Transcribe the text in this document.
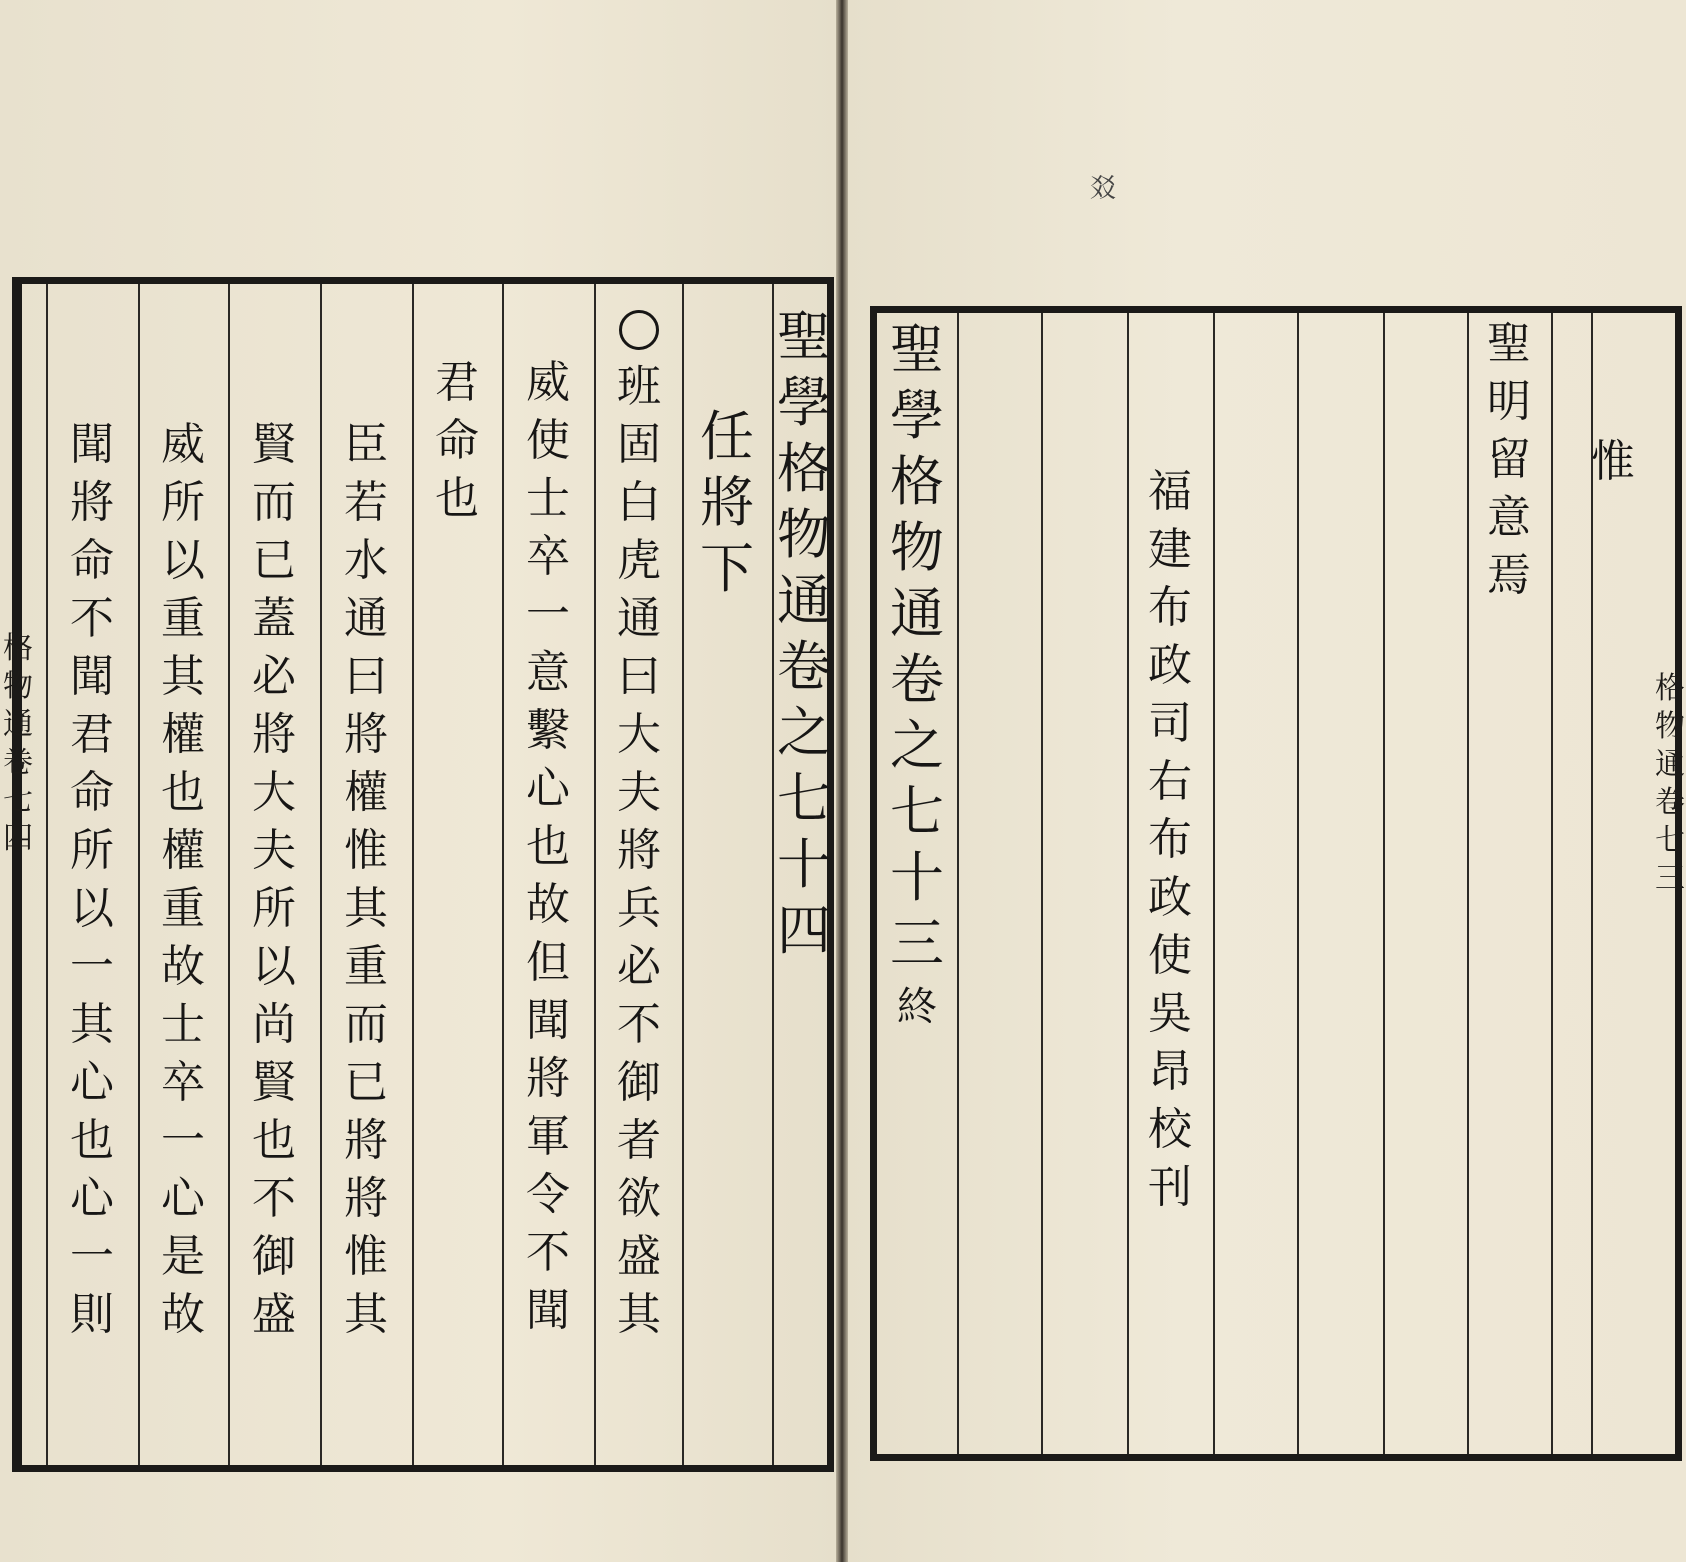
聖
學
格
物
通
卷
之
七
十
四
任
將
下
班
固
白
虎
通
曰
大
夫
將
兵
必
不
御
者
欲
盛
其
威
使
士
卒
一
意
繫
心
也
故
但
聞
將
軍
令
不
聞
君
命
也
臣
若
水
通
曰
將
權
惟
其
重
而
已
將
將
惟
其
賢
而
已
蓋
必
將
大
夫
所
以
尚
賢
也
不
御
盛
威
所
以
重
其
權
也
權
重
故
士
卒
一
心
是
故
聞
將
命
不
聞
君
命
所
以
一
其
心
也
心
一
則
格
物
通
卷
七
四
㸚
聖
學
格
物
通
卷
之
七
十
三
終
福
建
布
政
司
右
布
政
使
吳
昂
校
刊
聖
明
留
意
焉
惟
格
物
通
卷
七
三
